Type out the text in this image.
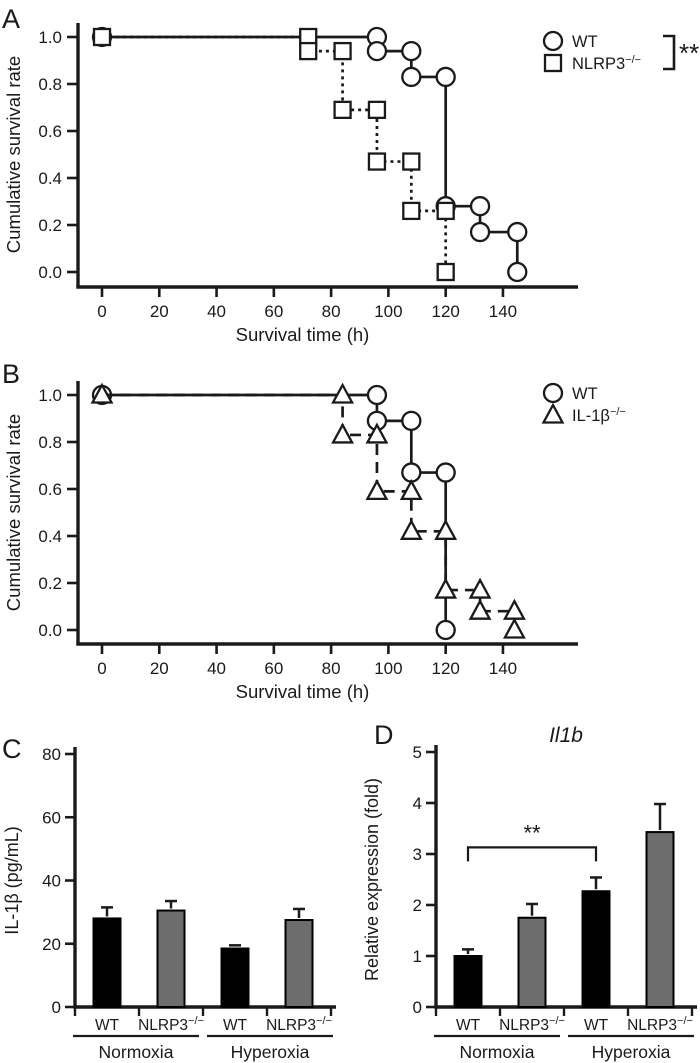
A
B
C	D
1.0
0.8
0.6
0.4
0.2
0.0
0	20 40 60 80 100 120 140
Survival time (h)
Cumulative survival rate
WT
NLRP3−/− **
1.0
0.8
0.6
0.4
0.2
0.0
0	20 40 60 80 100 120 140
Survival time (h)
Cumulative survival rate
WT
IL-1β−/−
0
20
40
60
80
IL-1β (pg/mL)
WT NLRP3−/− WT NLRP3−/−
Normoxia	Hyperoxia
0
1
2
3
4
5
Relative expression (fold)
Il1b
WT NLRP3−/− WT NLRP3−/−
Normoxia	Hyperoxia
**
